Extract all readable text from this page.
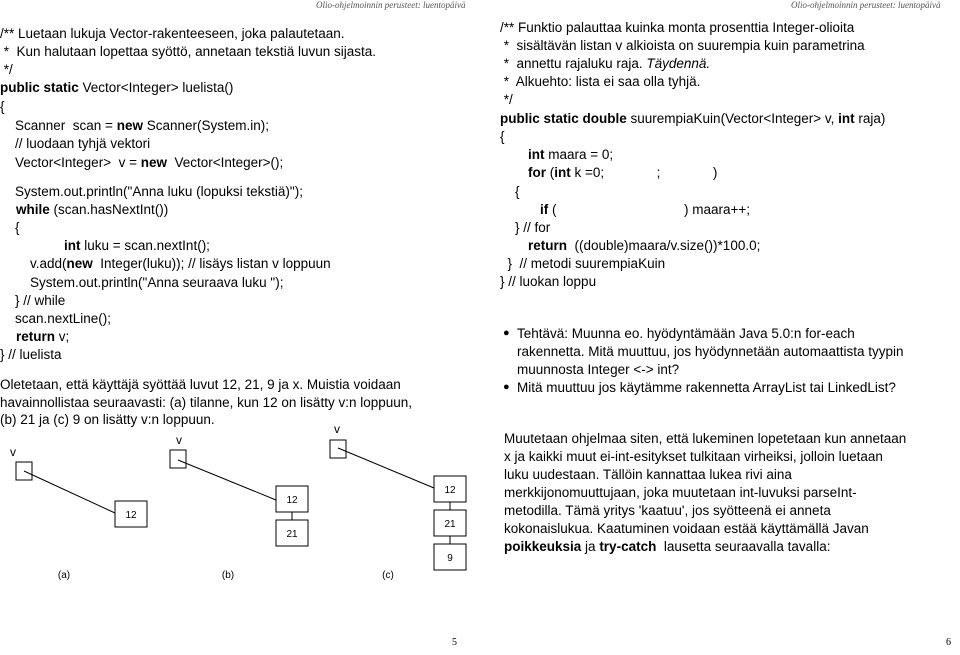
Olio-ohjelmoinnin perusteet: luentopäivä	Olio-ohjelmoinnin perusteet: luentopäivä
/** Luetaan lukuja Vector-rakenteeseen, joka palautetaan.
*  Kun halutaan lopettaa syöttö, annetaan tekstiä luvun sijasta.
*/
public static Vector<Integer> luelista()
{
Scanner  scan = new Scanner(System.in);
// luodaan tyhjä vektori
Vector<Integer>  v = new  Vector<Integer>();
System.out.println("Anna luku (lopuksi tekstiä)");
while (scan.hasNextInt())
{
int luku = scan.nextInt();
v.add(new  Integer(luku)); // lisäys listan v loppuun
System.out.println("Anna seuraava luku ");
} // while
scan.nextLine();
return v;
} // luelista
Oletetaan, että käyttäjä syöttää luvut 12, 21, 9 ja x. Muistia voidaan
havainnollistaa seuraavasti: (a) tilanne, kun 12 on lisätty v:n loppuun,
(b) 21 ja (c) 9 on lisätty v:n loppuun.
v
12
v
12
21
v
12
21
9
(a)	(b)	(c)
/** Funktio palauttaa kuinka monta prosenttia Integer-olioita
*  sisältävän listan v alkioista on suurempia kuin parametrina
*  annettu rajaluku raja. Täydennä.
*  Alkuehto: lista ei saa olla tyhjä.
*/
public static double suurempiaKuin(Vector<Integer> v, int raja)
{
int maara = 0;
for (int k =0;              ;              )
{
if (                                  ) maara++;
} // for
return  ((double)maara/v.size())*100.0;
}  // metodi suurempiaKuin
} // luokan loppu
● Tehtävä: Muunna eo. hyödyntämään Java 5.0:n for-each
rakennetta. Mitä muuttuu, jos hyödynnetään automaattista tyypin
muunnosta Integer <-> int?
● Mitä muuttuu jos käytämme rakennetta ArrayList tai LinkedList?
Muutetaan ohjelmaa siten, että lukeminen lopetetaan kun annetaan
x ja kaikki muut ei-int-esitykset tulkitaan virheiksi, jolloin luetaan
luku uudestaan. Tällöin kannattaa lukea rivi aina
merkkijonomuuttujaan, joka muutetaan int-luvuksi parseInt-
metodilla. Tämä yritys 'kaatuu', jos syötteenä ei anneta
kokonaislukua. Kaatuminen voidaan estää käyttämällä Javan
poikkeuksia ja try-catch  lausetta seuraavalla tavalla:
5	6
